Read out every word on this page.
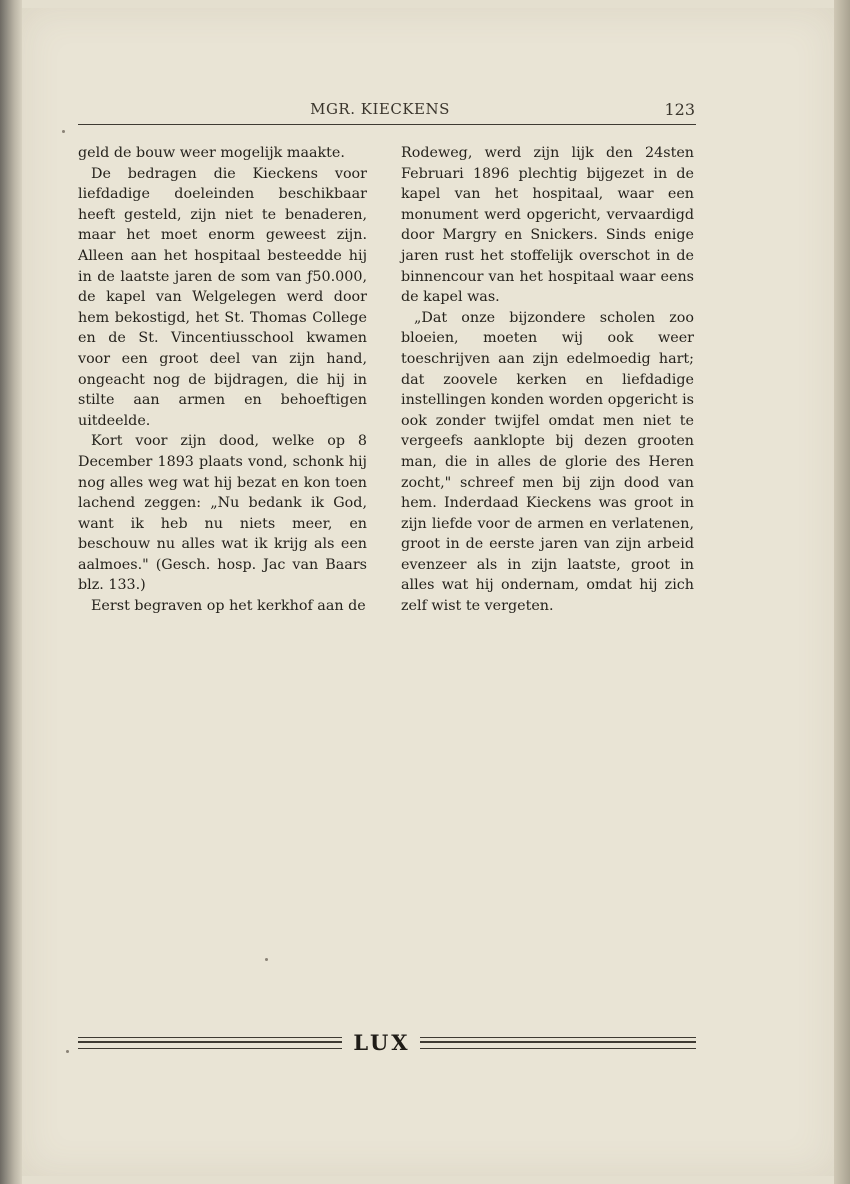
MGR. KIECKENS	123

geld de bouw weer mogelijk maakte.

De bedragen die Kieckens voor liefdadige doeleinden beschikbaar heeft gesteld, zijn niet te benaderen, maar het moet enorm geweest zijn. Alleen aan het hospitaal besteedde hij in de laatste jaren de som van ƒ50.000, de kapel van Welgelegen werd door hem bekostigd, het St. Thomas College en de St. Vincentiusschool kwamen voor een groot deel van zijn hand, ongeacht nog de bijdragen, die hij in stilte aan armen en behoeftigen uitdeelde.

Kort voor zijn dood, welke op 8 December 1893 plaats vond, schonk hij nog alles weg wat hij bezat en kon toen lachend zeggen: „Nu bedank ik God, want ik heb nu niets meer, en beschouw nu alles wat ik krijg als een aalmoes." (Gesch. hosp. Jac van Baars blz. 133.)

Eerst begraven op het kerkhof aan de

Rodeweg, werd zijn lijk den 24sten Februari 1896 plechtig bijgezet in de kapel van het hospitaal, waar een monument werd opgericht, vervaardigd door Margry en Snickers. Sinds enige jaren rust het stoffelijk overschot in de binnencour van het hospitaal waar eens de kapel was.

„Dat onze bijzondere scholen zoo bloeien, moeten wij ook weer toeschrijven aan zijn edelmoedig hart; dat zoovele kerken en liefdadige instellingen konden worden opgericht is ook zonder twijfel omdat men niet te vergeefs aanklopte bij dezen grooten man, die in alles de glorie des Heren zocht," schreef men bij zijn dood van hem. Inderdaad Kieckens was groot in zijn liefde voor de armen en verlatenen, groot in de eerste jaren van zijn arbeid evenzeer als in zijn laatste, groot in alles wat hij ondernam, omdat hij zich zelf wist te vergeten.

LUX
